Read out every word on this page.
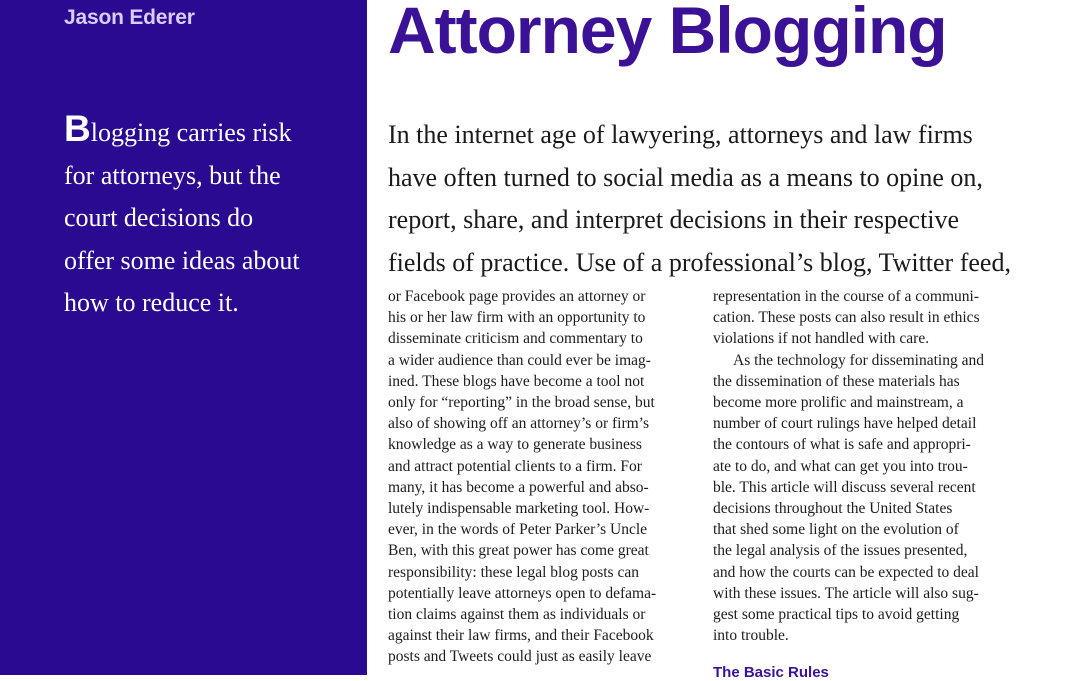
Jason Ederer
Blogging carries risk
for attorneys, but the
court decisions do
offer some ideas about
how to reduce it.
Attorney Blogging
In the internet age of lawyering, attorneys and law firms
have often turned to social media as a means to opine on,
report, share, and interpret decisions in their respective
fields of practice. Use of a professional’s blog, Twitter feed,
or Facebook page provides an attorney or
his or her law firm with an opportunity to
disseminate criticism and commentary to
a wider audience than could ever be imag-
ined. These blogs have become a tool not
only for “reporting” in the broad sense, but
also of showing off an attorney’s or firm’s
knowledge as a way to generate business
and attract potential clients to a firm. For
many, it has become a powerful and abso-
lutely indispensable marketing tool. How-
ever, in the words of Peter Parker’s Uncle
Ben, with this great power has come great
responsibility: these legal blog posts can
potentially leave attorneys open to defama-
tion claims against them as individuals or
against their law firms, and their Facebook
posts and Tweets could just as easily leave
representation in the course of a communi-
cation. These posts can also result in ethics
violations if not handled with care.
As the technology for disseminating and
the dissemination of these materials has
become more prolific and mainstream, a
number of court rulings have helped detail
the contours of what is safe and appropri-
ate to do, and what can get you into trou-
ble. This article will discuss several recent
decisions throughout the United States
that shed some light on the evolution of
the legal analysis of the issues presented,
and how the courts can be expected to deal
with these issues. The article will also sug-
gest some practical tips to avoid getting
into trouble.
The Basic Rules
